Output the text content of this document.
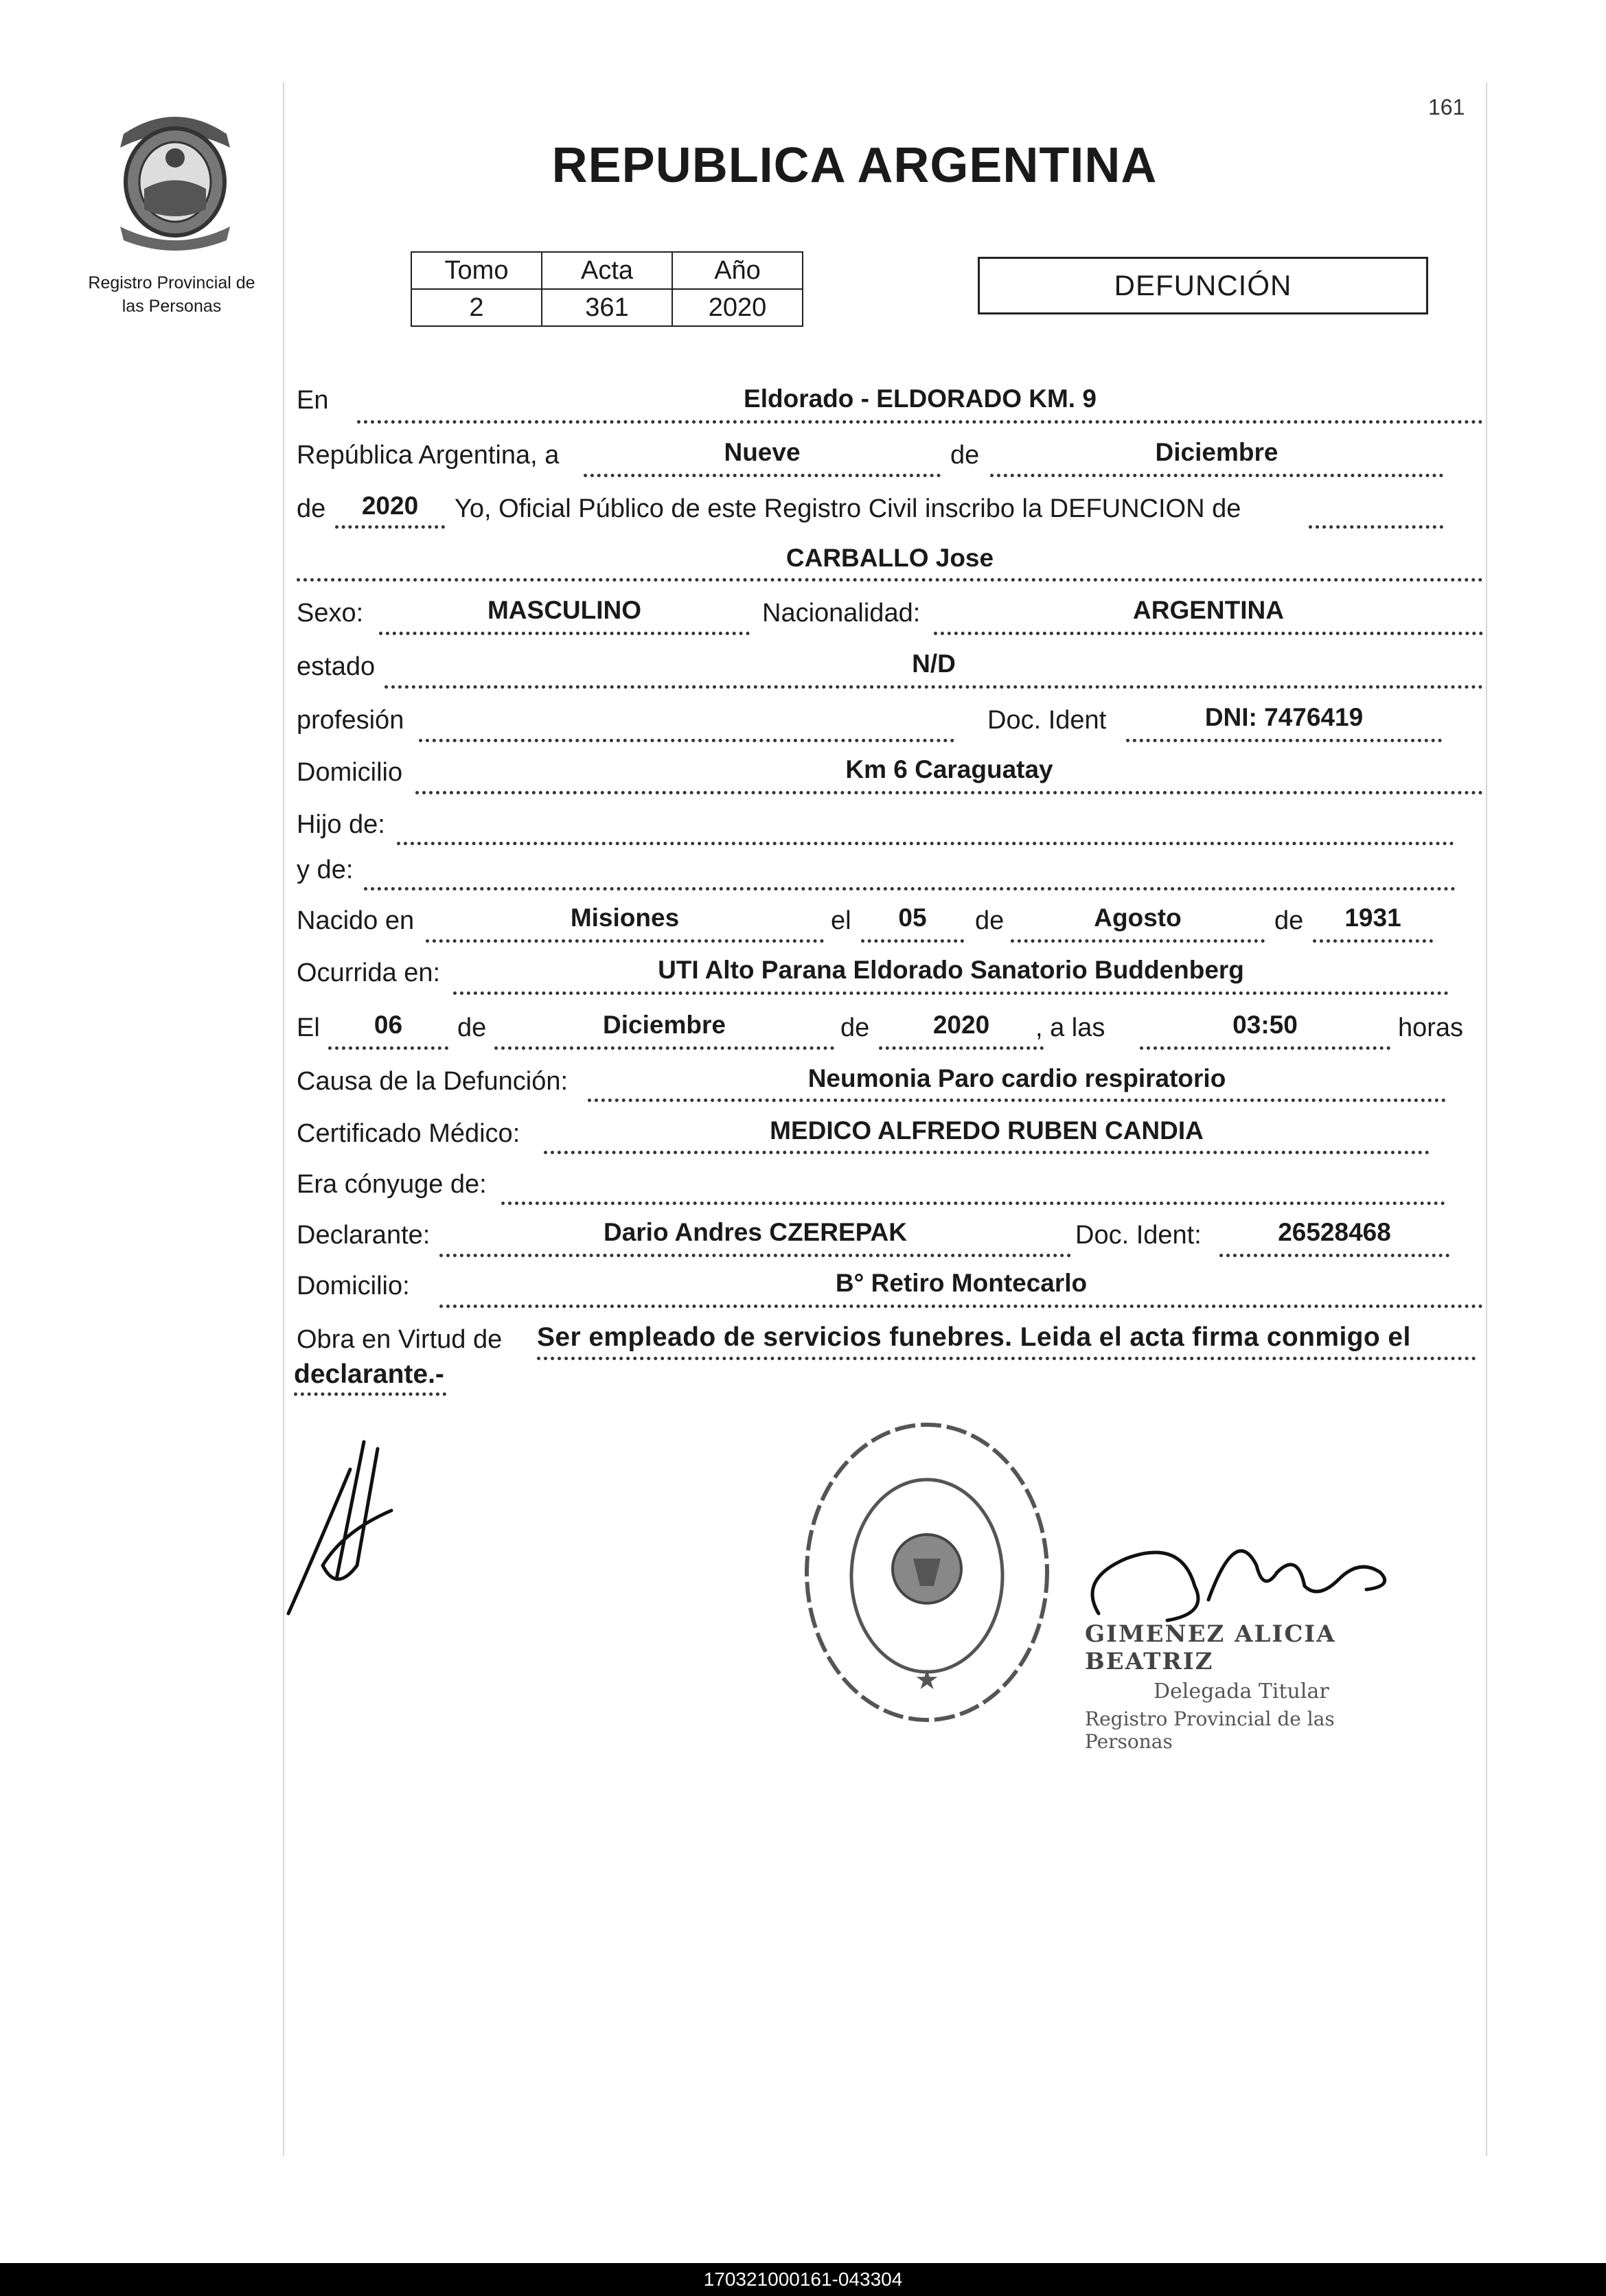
Registro Provincial de
las Personas
161
REPUBLICA ARGENTINA
Tomo	Acta	Año
2	361	2020
DEFUNCIÓN
En	Eldorado - ELDORADO KM. 9
República Argentina, a	Nueve	de	Diciembre
de	2020	Yo, Oficial Público de este Registro Civil inscribo la DEFUNCION de
CARBALLO Jose
Sexo:	MASCULINO	Nacionalidad:	ARGENTINA
estado	N/D
profesión	Doc. Ident	DNI: 7476419
Domicilio	Km 6 Caraguatay
Hijo de:
y de:
Nacido en	Misiones	el	05	de	Agosto	de	1931
Ocurrida en:	UTI Alto Parana Eldorado Sanatorio Buddenberg
El	06	de	Diciembre	de	2020	, a las	03:50	horas
Causa de la Defunción:	Neumonia Paro cardio respiratorio
Certificado Médico:	MEDICO ALFREDO RUBEN CANDIA
Era cónyuge de:
Declarante:	Dario Andres CZEREPAK	Doc. Ident:	26528468
Domicilio:	B° Retiro Montecarlo
Obra en Virtud de Ser empleado de servicios funebres. Leida el acta firma conmigo el
declarante.-
★
GIMENEZ ALICIA BEATRIZ
Delegada Titular
Registro Provincial de las Personas
170321000161-043304
